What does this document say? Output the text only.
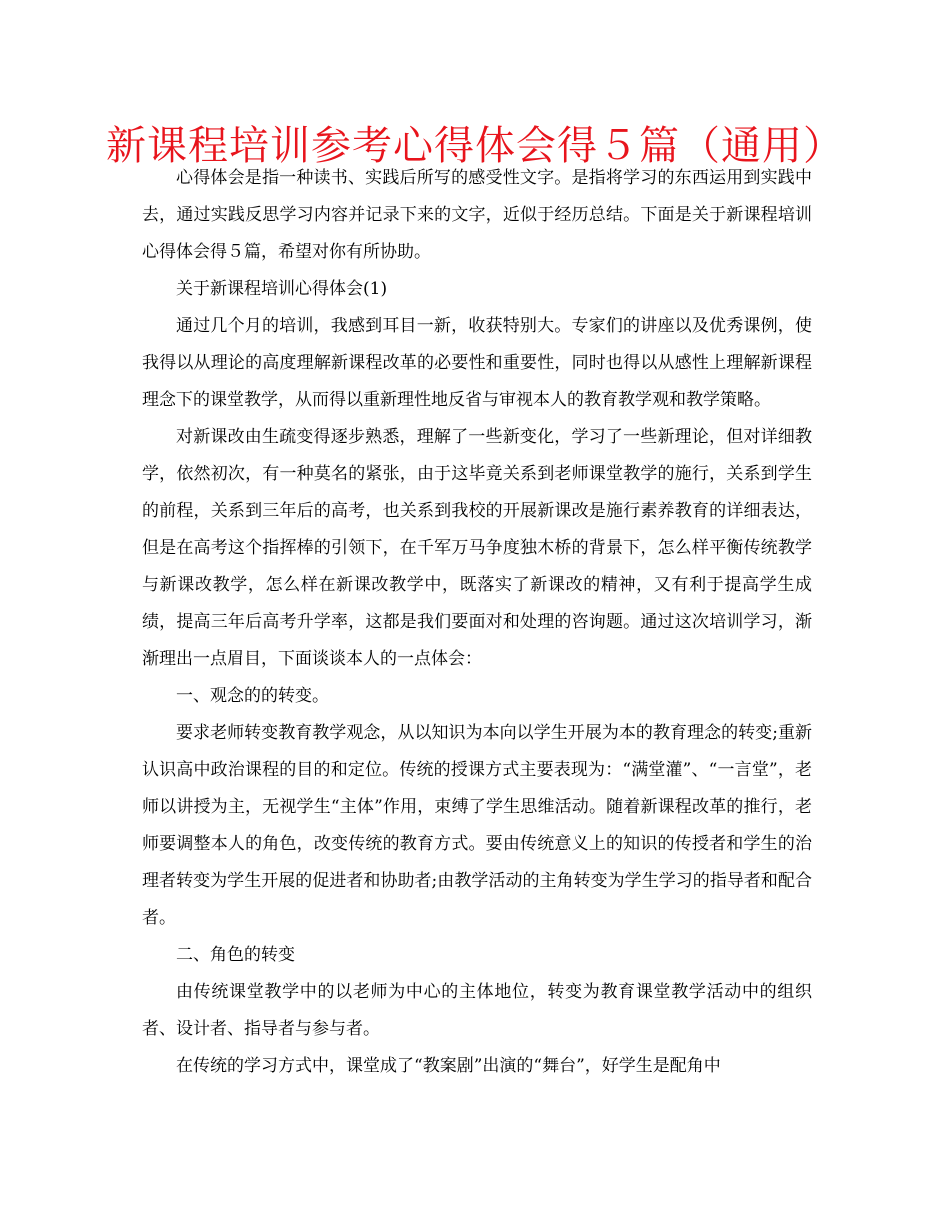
新课程培训参考心得体会得５篇（通用）

心得体会是指一种读书、实践后所写的感受性文字。是指将学习的东西运用到实践中去，通过实践反思学习内容并记录下来的文字，近似于经历总结。下面是关于新课程培训心得体会得５篇，希望对你有所协助。

关于新课程培训心得体会(1)

通过几个月的培训，我感到耳目一新，收获特别大。专家们的讲座以及优秀课例，使我得以从理论的高度理解新课程改革的必要性和重要性，同时也得以从感性上理解新课程理念下的课堂教学，从而得以重新理性地反省与审视本人的教育教学观和教学策略。

对新课改由生疏变得逐步熟悉，理解了一些新变化，学习了一些新理论，但对详细教学，依然初次，有一种莫名的紧张，由于这毕竟关系到老师课堂教学的施行，关系到学生的前程，关系到三年后的高考，也关系到我校的开展新课改是施行素养教育的详细表达，但是在高考这个指挥棒的引领下，在千军万马争度独木桥的背景下，怎么样平衡传统教学与新课改教学，怎么样在新课改教学中，既落实了新课改的精神，又有利于提高学生成绩，提高三年后高考升学率，这都是我们要面对和处理的咨询题。通过这次培训学习，渐渐理出一点眉目，下面谈谈本人的一点体会：

一、观念的的转变。

要求老师转变教育教学观念，从以知识为本向以学生开展为本的教育理念的转变;重新认识高中政治课程的目的和定位。传统的授课方式主要表现为：“满堂灌”、“一言堂”，老师以讲授为主，无视学生“主体”作用，束缚了学生思维活动。随着新课程改革的推行，老师要调整本人的角色，改变传统的教育方式。要由传统意义上的知识的传授者和学生的治理者转变为学生开展的促进者和协助者;由教学活动的主角转变为学生学习的指导者和配合者。

二、角色的转变

由传统课堂教学中的以老师为中心的主体地位，转变为教育课堂教学活动中的组织者、设计者、指导者与参与者。

在传统的学习方式中，课堂成了“教案剧”出演的“舞台”，好学生是配角中
